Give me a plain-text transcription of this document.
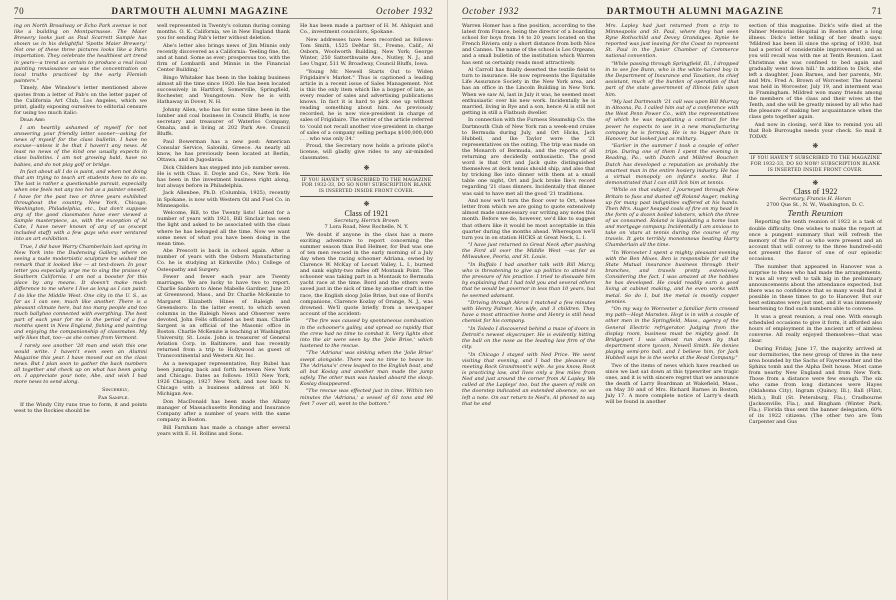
70	DARTMOUTH ALUMNI MAGAZINE	October 1932

ing on North Broadway or Echo Park avenue is not like a building on Montparnasse. The Maier Brewery looks just as Paul Scarrett Sample has shown us in his delightful 'Spotts Maier Brewery.' Not one of these three pictures looks like a Paris importation. They celebrate the healthiest art trend in years—a trend as certain to produce a real local painting renaissance as was the concentration on local truths practiced by the early Flemish painters."

Timely, Abe Winslow's letter mentioned above quotes from a letter of Pab's on the letter paper of the California Art Club, Los Angeles, which we print, gladly exposing ourselves to editorial censure for using too much italic:

Dear Abe:

I am heartily ashamed of myself for not answering your friendly letter sooner—asking for news of myself for the class bulletin. I have no excuse—unless it be that I haven't any news. At least no news of the kind one usually expects in class bulletins. I am not growing bald, have no babies, and do not play golf or bridge.

In fact about all I do is paint, and when not doing that am trying to teach art students how to do so. The last is rather a questionable pursuit, especially when one feels not any too hot as a painter oneself. I have for the past two or three years exhibited throughout the country, New York, Chicago, Washington, Philadelphia, etc., but don't suppose any of the good classmates have ever viewed a Sample masterpiece, as, with the exception of Al Cate, I have never known of any of us (except included staff) with a few guys who ever ventured into an art exhibition.

True, I did have Warry Chamberlain last spring in New York into the Dudensing Gallery, where on seeing a nude modernistic sculpture he wished the remark that it looked like — at text-down. In your letter you especially urge me to sing the praises of Southern California. I am not a booster for this place by any means. It doesn't make much difference to me where I live as long as I can paint. I do like the Middle West. One city in the U. S., as far as I can see, much like another. There is a pleasant climate here, but too many people and too much ballyhoo connected with everything. The best part of each year for me is the period of a few months spent in New England, fishing and painting and enjoying the companionship of classmates. My wife likes that, too—as she comes from Vermont.

I rarely see another '20 man and wish this one would write. I haven't even seen an Alumni Magazine this year. I have moved out on the class news. But I plan soon to gather the back numbers all together and check up on what has been going on. I appreciate your note, Abe, and wish I had more news to send along.

Sincerely,

Pab Sample.

If the Windy City runs true to form, it and points west to the Rockies should be

well represented in Twenty's column during coming months. O. K. California, we in New England thank you for sending Pab's letter without deletion.

Abe's letter also brings news of Jim Minnis only recently discovered as a California: 'feeling fine, fat, and at hand. Some as ever; prosperous too, with the firm of Lombardi and Minnis in the Financial Center Building.'

Bingo Whitaker has been in the baking business almost all the time since 1920. He has been located successively in Hartford, Somerville, Springfield, Rochester, and Youngstown. Now he is with Hathaway in Dover, N. H.

Johnny Allen, who has for some time been in the lumber and coal business in Council Bluffs, is now secretary and treasurer of Waterloo Company, Omaha, and is living at 202 Park Ave. Council Bluffs.

Paul Bowerman has a new post: American Consular Service, Saloniki, Greece. As nearly all know, he has previously been located at Berlin, Ottawa, and in Jugoslavia.

Dick Childers has stepped into job number seven. He is with Chas. E. Doyle and Co., New York. He has been in the investment business right along, but always before in Philadelphia.

Jack Allenbee, Ph.D. (Columbia, 1925), recently in Spokane, is now with Western Oil and Fuel Co. in Minneapolis.

Welcome, Bill, to the Twenty lists! Listed for a number of years with 1921, Bill Sinclair has seen the light and asked to be associated with the class where he has belonged all the time. Now we want some news of what you have been doing in the mean time.

Abe Prescott is back in school again. After a number of years with the Osborn Manufacturing Co. he is studying at Kirksville (Mo.) College of Osteopathy and Surgery.

Fewer and fewer each year are Twenty marriages. We are lucky to have two to report. Charlie Sanborn to Alene Mabelle Gardner, June 20 at Greenwood, Mass., and Dr. Charlie McKenzie to Margaret Elizabeth Hines of Raleigh and Greensboro. In the latter event, to which seven columns in the Raleigh News and Observer were devoted, John Fells officiated as best man. Charlie Sargent is an official of the Masonic office in Boston. Charlie McKenzie is teaching at Washington University, St. Louis. John is treasurer of General Aviation Corp. in Baltimore, and has recently returned from a trip to Hollywood as guest of Transcontinental and Western Air, Inc.

As a newspaper representative, Roy Rubel has been jumping back and forth between New York and Chicago. Dates as follows: 1933 New York, 1926 Chicago, 1927 New York, and now back to Chicago with a business address at 360 N. Michigan Ave.

Don MacDonald has been made the Albany manager of Massachusetts Bonding and Insurance Company after a number of years with the same company in Boston.

Bill Farnham has made a change after several years with E. H. Rollins and Sons.

He has been made a partner of H. M. Ahlquist and Co., investment councilors, Spokane.

New addresses have been recorded as follows: Tom Smith, 1525 DeMar St., Fresno, Calif.; Al Osborn, Woolworth Building, New York; George Winter, 250 Satterthwaite Ave., Nutley, N. J.; and Leo Ungar, 511 W. Broadway, Council Bluffs, Iowa.

"Young Mr. Newell Starts Out to Widen Frigidaire's Market." Thus is captioned a leading article in a recent issue of Sales Management. Not is this the only item which Ike a bopper of late, as every reader of sales and advertising publications knows. In fact it is hard to pick one up without reading something about him. As previously recorded, he is now vice-president in charge of sales of Frigidaire. The writer of the article referred to 'could not recall another vice-president in charge of sales of a company selling perhaps $100,000,000 . . . who was only 34.'

Proud, the Secretary now holds a private pilot's license, will gladly give rides to any air-minded classmates.

❋
IF YOU HAVEN'T SUBSCRIBED TO THE MAGAZINE FOR 1932-33, DO SO NOW! SUBSCRIPTION BLANK IS INSERTED INSIDE FRONT COVER.
❋
Class of 1921
Secretary, Herrick Brown
7 Lora Road, New Rochelle, N. Y.

We doubt if anyone in the class has a more exciting adventure to report concerning the summer season than Bud Helmer, for Bud was one of ten men rescued in the early morning of a July day when the racing schooner Adriana, owned by Clarence W. McKay of Locust Valley, L. I., burned and sank eighty-two miles off Montauk Point. The schooner was taking part in a Montauk to Bermuda yacht race at the time. Bord and the others were saved just in the nick of time by another craft in the race, the English sloop Jolie Brise, but one of Bord's companions, Clarence Kozlay of Orange, N. J., was drowned. We'll quote briefly from a newspaper account of the accident:

"The fire was caused by spontaneous combustion in the schooner's galley, and spread so rapidly that the crew had no time to combat it. Very lights shot into the air were seen by the 'Jolie Brise,' which hastened to the rescue.

"The 'Adriana' was sinking when the 'Jolie Brise' swept alongside. There was no time to heave to. The 'Adriana's' crew leaped to the English boat, and all but Koslay and another man made the jump safely. The other man was hauled aboard the sloop. Koslay disappeared.

"The rescue was effected just in time. Within ten minutes the 'Adriana,' a vessel of 61 tons and 98 feet 7 over all, went to the bottom."

October 1932	DARTMOUTH ALUMNI MAGAZINE	71

Warren Homer has a fine position, according to the latest from France, being the director of a boarding school for boys from 14 to 20 years located on the French Riviera only a short distance from both Nice and Cannes. The name of the school is Les Orgeans, and a small bulletin of the institution which Warren has sent us certainly reads most attractively.

Al Carroll has finally deserted the textile field to turn to insurance. He now represents the Equitable Life Assurance Society in the New York area, and has an office in the Lincoln Building in New York. When we saw Al, last in July it was, he seemed most enthusiastic over his new work. Incidentally he is married, living in Rye and a son, hence Al is still not getting in still a Flatbush dweller.

In connection with the Furness Steamship Co. the Dartmouth Club of New York ran a week-end cruise to Bermuda during July, and Ort Hicks, Jack Hubbell, and Ike Taylor were the '21 representatives on the outing. The trip was made on the Monarch of Bermuda, and the reports of all returning are decidedly enthusiastic. The good word is that Ort and Jack quite distinguished themselves at deck tennis should ship, and also that by tricking Ike into dinner with them at a small table one night, Ort and Jack broke Ike's record regarding '21 class dinners. Incidentally that dinner was said to have met all the good '21 traditions.

And now we'll turn the floor over to Ort, whose letter from which we are going to quote extensively almost made unnecessary our writing any notes this month. Before we do, however, we'd like to suggest that others like it would be most acceptable in this quarter during the months ahead. Whereupon we'll turn you in on station HICKS at Great Neck, L. I.

"I have just returned to Great Neck after pushing the Ford all over the Middle West —as far as Milwaukee, Peoria, and St. Louis.

"In Buffalo I had another talk with Bill Marcy, who is threatening to give up politics to attend to the pressure of his practice. I tried to dissuade him by explaining that I had told you and several others that he would be governor in less than 10 years, but he seemed adamant.

"Driving through Akron I matched a few minutes with Henry Palmer, his wife, and 3 children. They have a most attractive home and Henry is still head chemist for his company.

"In Toledo I discovered behind a maze of doors in Detroit's newest skyscraper. He is evidently hitting the ball on the nose as the leading law firm of the city.

"In Chicago I stayed with Ned Price. We went visiting that evening, and I had the pleasure of meeting Rock Grandmont's wife. As you know, Rock is practicing law, and lives only a few miles from Ned and just around the corner from Al Lapley. We called at the Lapleys' too, but the queen of milk on the doorstep indicated an extended absence, so we left a note. On our return to Ned's, Al phoned to say that he and

Mrs. Lapley had just returned from a trip to Minneapolis and St. Paul, where they had seen Ryne Rothschild and Devey Grandages. Rynie he reported was just leaving for the Coast to represent St. Paul in the Junior Chamber of Commerce national convention.

"While passing through Springfield, Ill., I dropped in to see Joe Bunn, who is the white-haired boy in the Department of Insurance and Taxation, its chief assistant, much of the burden of operation of that part of the state government of Illinois falls upon him.

"My last Dartmouth '21 call was upon Bill Murray in Altoona, Pa. I called him out of a conference with the West Penn Power Co., with the representatives of which he was negotiating a contract for the power he expects to use in a new manufacturing company he is forming. He is no bigger than in Hanover, but looked just as military.

"Earlier in the summer I took a couple of other trips. During one of them I spent the evening in Reading, Pa., with Dutch and Mildred Boucher. Dutch has developed a reputation as probably the smartest man in the entire hosiery industry. He has a virtual monopoly on infant's socks. But I demonstrated that I can still lick him at tennis.

"While on that subject, I journeyed through New Britain to fuss and dusted off Roland Auger, making up for many past indignities suffered at his hands. Then Mrs. Auger heaped coals of fire on my head in the form of a dozen boiled lobsters, which the three of us consumed. Roland is liquidating a home loan and mortgage company. Incidentally I am anxious to take on 'stars at tennis during the course of my travels. It gets terribly monotonous beating Harry Chamberlain all the time.

"In Worcester I spent a mighty pleasant evening with the Ben Mixes. Ben is responsible for all the State Mutual insurance business through their branches, and travels pretty extensively. Considering the fact, I was amazed at the hobbies he has developed. He could readily earn a good living at cabinet making, and he even works with metal. So do I, but the metal is mostly copper pennies.

"On my way to Worcester a familiar form crossed my path—Hoyt Marsden. Hoyt is in with a couple of other men in the Springfield, Mass., agency of the General Electric refrigerator. Judging from the display room, business must be mighty good. In Bridgeport I was almost run down by that department store tycoon, Newell Smith. He denies playing semi-pro ball, and I believe him, for Jack Hubbell says he is the works at the Read Company."

Two of the items of news which have reached us since we last sat down at this typewriter are tragic ones, and it is with sincere regret that we announce the death of Larry Boardman at Wakefield, Mass., on May 30 and of Mrs. Richard Barnes in Boston, July 17. A more complete notice of Larry's death will be found in another

section of this magazine. Dick's wife died at the Palmer Memorial Hospital in Boston after a long illness. Dick's letter telling of her death says: 'Mildred has been ill since the spring of 1930, but had a period of considerable improvement, and as you will recall was with me at Tenth Reunion. Last Christmas she was confined to bed again and gradually went down hill.' In addition to Dick, she left a daughter, Joan Barnes, and her parents, Mr. and Mrs. Fred A. Brown of Worcester. The funeral was held in Worcester, July 19, and interment was in Framingham. Mildred won many friends among the members of the class and their wives at the Tenth, and she will be greatly missed by all who had the pleasure of making her acquaintance when the class gets together again.

And now in closing, we'd like to remind you all that Bob Burroughs needs your check. So mail it TODAY.

❋
IF YOU HAVEN'T SUBSCRIBED TO THE MAGAZINE FOR 1932-33, DO SO NOW! SUBSCRIPTION BLANK IS INSERTED INSIDE FRONT COVER.
❋
Class of 1922
Secretary, Francis H. Horan
2700 Que St., N. W., Washington, D. C.
Tenth Reunion

Reporting the tenth reunion of 1922 is a task of double difficulty. One wishes to make the report at once a pungent summary that will refresh the memory of the 67 of us who were present and an account that will convey to the three hundred-odd not present the flavor of one of our episodic occasions.

The number that appeared in Hanover was a surprise to those who had made the arrangements. It was all very well to talk big in the preliminary announcements about the attendance expected, but there was no confidence that so many would find it possible in these times to go to Hanover. But our best estimates were just met, and it was immensely heartening to find such numbers able to convene.

It was a great reunion, a real one. With enough scheduled occasions to give it form, it afforded also hours of employment in the ancient art of aimless converse. All really enjoyed themselves—that was clear.

During Friday, June 17, the majority arrived at our dormitories, the new group of three in the new area bounded by the Sachs of Fayerweather and the Sphinx tomb and the Alpha Delt house. Most came from nearby New England and from New York. Those from a distance were few enough. The six who came from long distances were Hayes (Oklahoma City), Ingram (Quincy, Ill.), Ball (Flint, Mich.), Bull (St. Petersburg, Fla.), Cradbourne (Jacksonville, Fla.), and Bingham (Winter Park, Fla.). Florida thus sent the banner delegation, 60% of its 1922 citizens. (The other two are Tom Carpenter and Gus
